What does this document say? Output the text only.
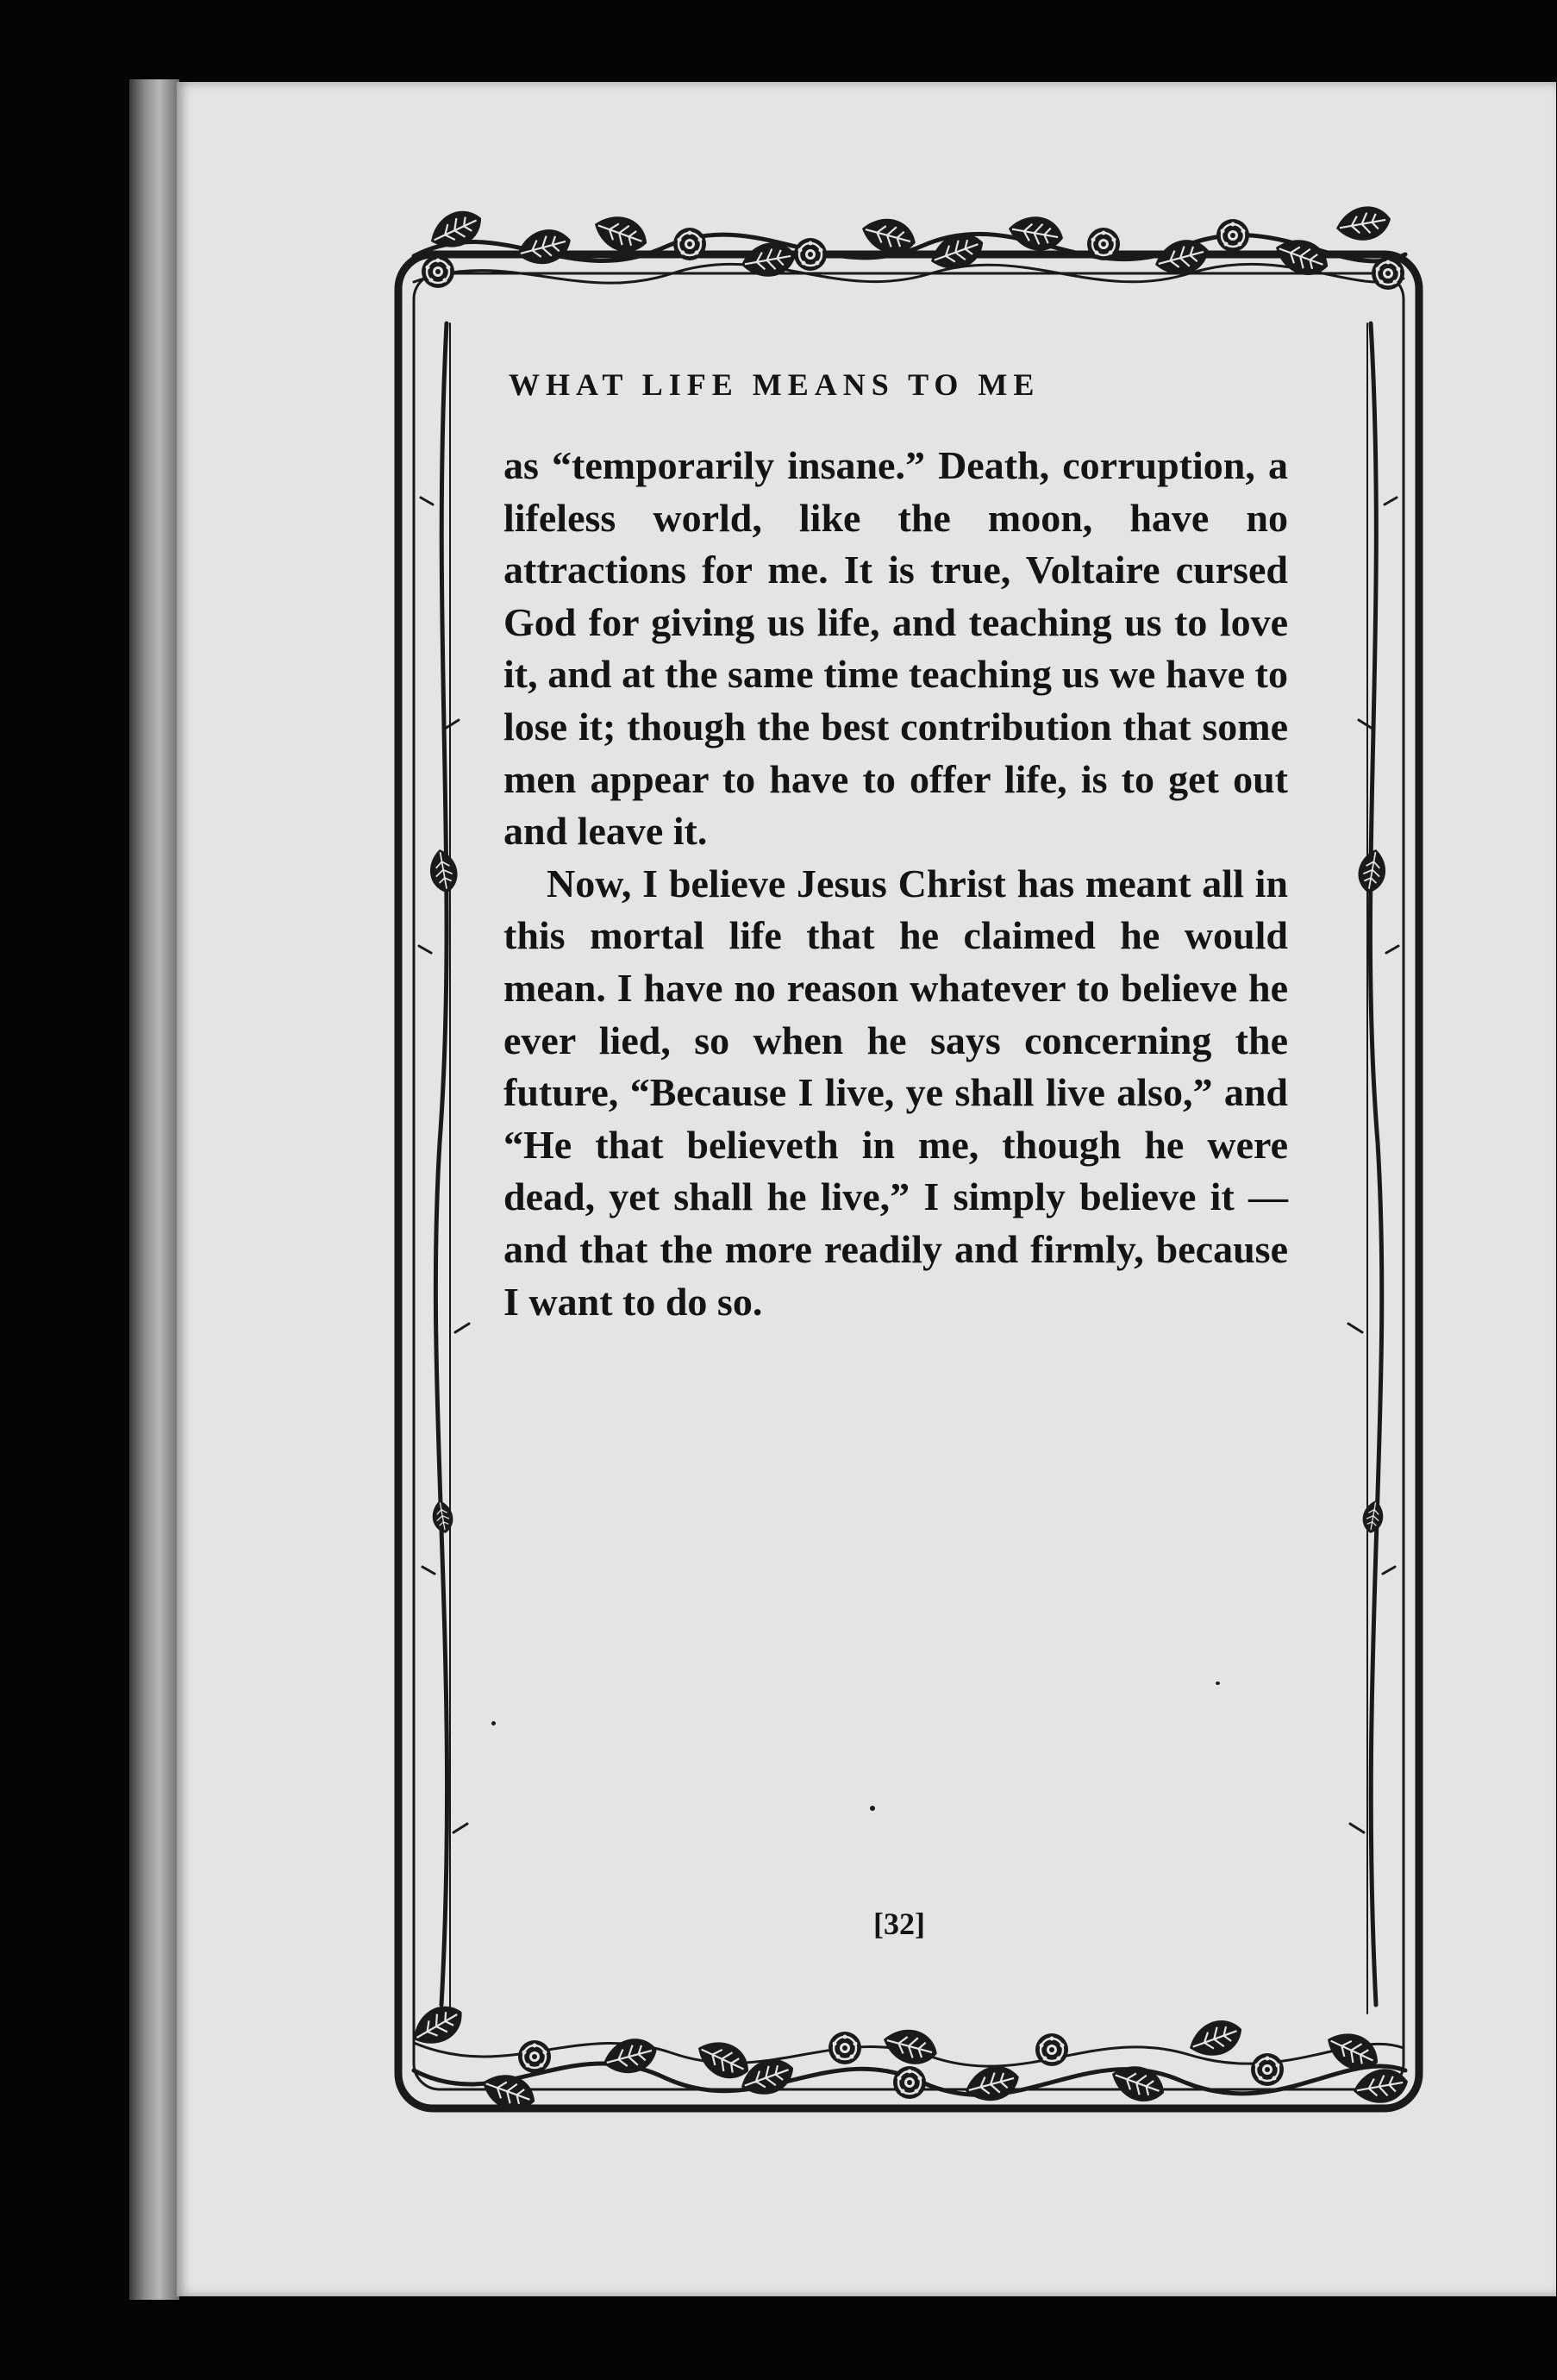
WHAT LIFE MEANS TO ME

as “temporarily insane.” Death, corruption, a lifeless world, like the moon, have no attractions for me. It is true, Voltaire cursed God for giving us life, and teaching us to love it, and at the same time teaching us we have to lose it; though the best contribution that some men appear to have to offer life, is to get out and leave it.

Now, I believe Jesus Christ has meant all in this mortal life that he claimed he would mean. I have no reason whatever to believe he ever lied, so when he says concerning the future, “Because I live, ye shall live also,” and “He that believeth in me, though he were dead, yet shall he live,” I simply believe it — and that the more readily and firmly, because I want to do so.

[32]
